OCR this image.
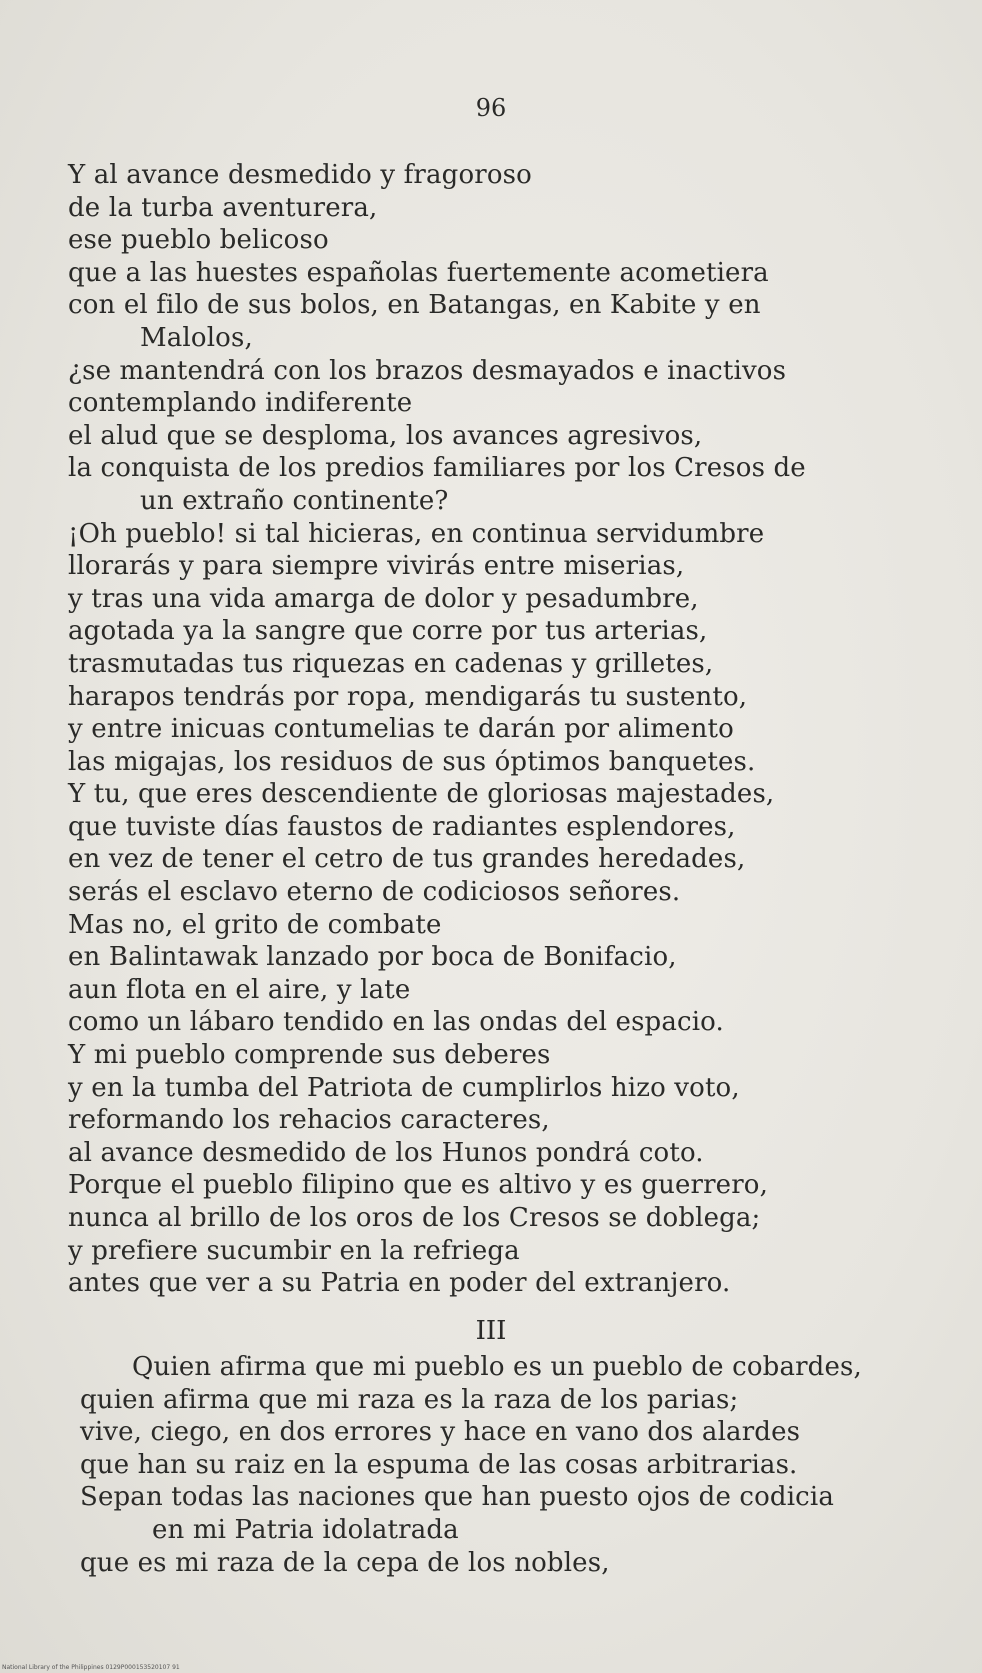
96
Y al avance desmedido y fragoroso
de la turba aventurera,
ese pueblo belicoso
que a las huestes españolas fuertemente acometiera
con el filo de sus bolos, en Batangas, en Kabite y en
Malolos,
¿se mantendrá con los brazos desmayados e inactivos
contemplando indiferente
el alud que se desploma, los avances agresivos,
la conquista de los predios familiares por los Cresos de
un extraño continente?
¡Oh pueblo! si tal hicieras, en continua servidumbre
llorarás y para siempre vivirás entre miserias,
y tras una vida amarga de dolor y pesadumbre,
agotada ya la sangre que corre por tus arterias,
trasmutadas tus riquezas en cadenas y grilletes,
harapos tendrás por ropa, mendigarás tu sustento,
y entre inicuas contumelias te darán por alimento
las migajas, los residuos de sus óptimos banquetes.
Y tu, que eres descendiente de gloriosas majestades,
que tuviste días faustos de radiantes esplendores,
en vez de tener el cetro de tus grandes heredades,
serás el esclavo eterno de codiciosos señores.
Mas no, el grito de combate
en Balintawak lanzado por boca de Bonifacio,
aun flota en el aire, y late
como un lábaro tendido en las ondas del espacio.
Y mi pueblo comprende sus deberes
y en la tumba del Patriota de cumplirlos hizo voto,
reformando los rehacios caracteres,
al avance desmedido de los Hunos pondrá coto.
Porque el pueblo filipino que es altivo y es guerrero,
nunca al brillo de los oros de los Cresos se doblega;
y prefiere sucumbir en la refriega
antes que ver a su Patria en poder del extranjero.
III
Quien afirma que mi pueblo es un pueblo de cobardes,
quien afirma que mi raza es la raza de los parias;
vive, ciego, en dos errores y hace en vano dos alardes
que han su raiz en la espuma de las cosas arbitrarias.
Sepan todas las naciones que han puesto ojos de codicia
en mi Patria idolatrada
que es mi raza de la cepa de los nobles,
National Library of the Philippines 0129P000153520107 91
